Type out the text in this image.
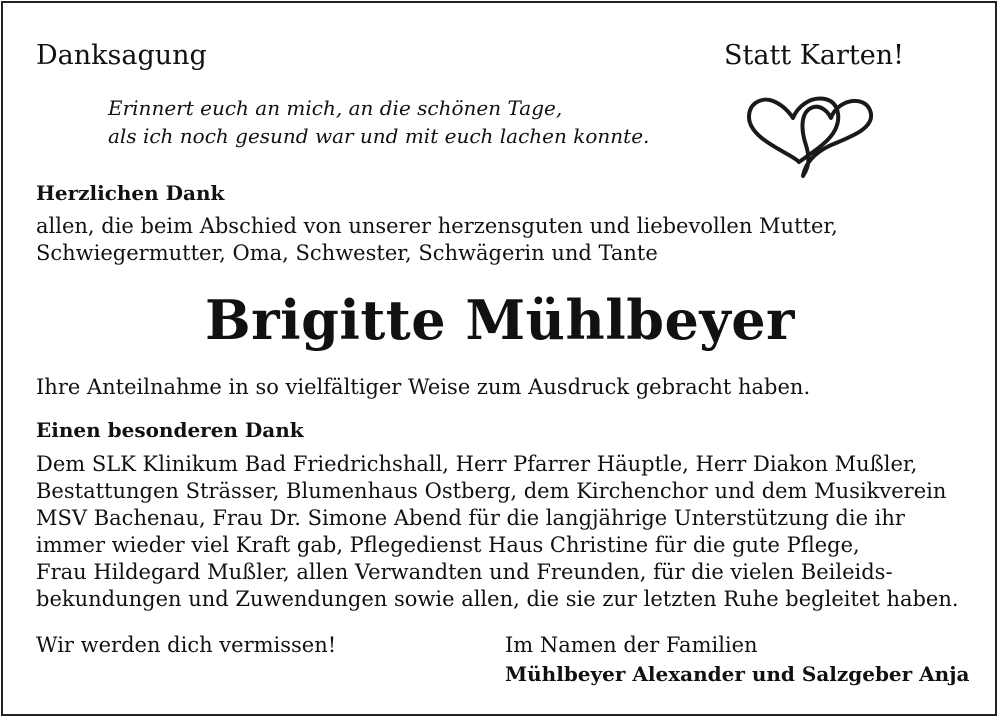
Danksagung	Statt Karten!
Erinnert euch an mich, an die schönen Tage,
als ich noch gesund war und mit euch lachen konnte.
Herzlichen Dank
allen, die beim Abschied von unserer herzensguten und liebevollen Mutter,
Schwiegermutter, Oma, Schwester, Schwägerin und Tante
Brigitte Mühlbeyer
Ihre Anteilnahme in so vielfältiger Weise zum Ausdruck gebracht haben.
Einen besonderen Dank
Dem SLK Klinikum Bad Friedrichshall, Herr Pfarrer Häuptle, Herr Diakon Mußler,
Bestattungen Strässer, Blumenhaus Ostberg, dem Kirchenchor und dem Musikverein
MSV Bachenau, Frau Dr. Simone Abend für die langjährige Unterstützung die ihr
immer wieder viel Kraft gab, Pflegedienst Haus Christine für die gute Pflege,
Frau Hildegard Mußler, allen Verwandten und Freunden, für die vielen Beileids-
bekundungen und Zuwendungen sowie allen, die sie zur letzten Ruhe begleitet haben.
Wir werden dich vermissen!	Im Namen der Familien
Mühlbeyer Alexander und Salzgeber Anja
